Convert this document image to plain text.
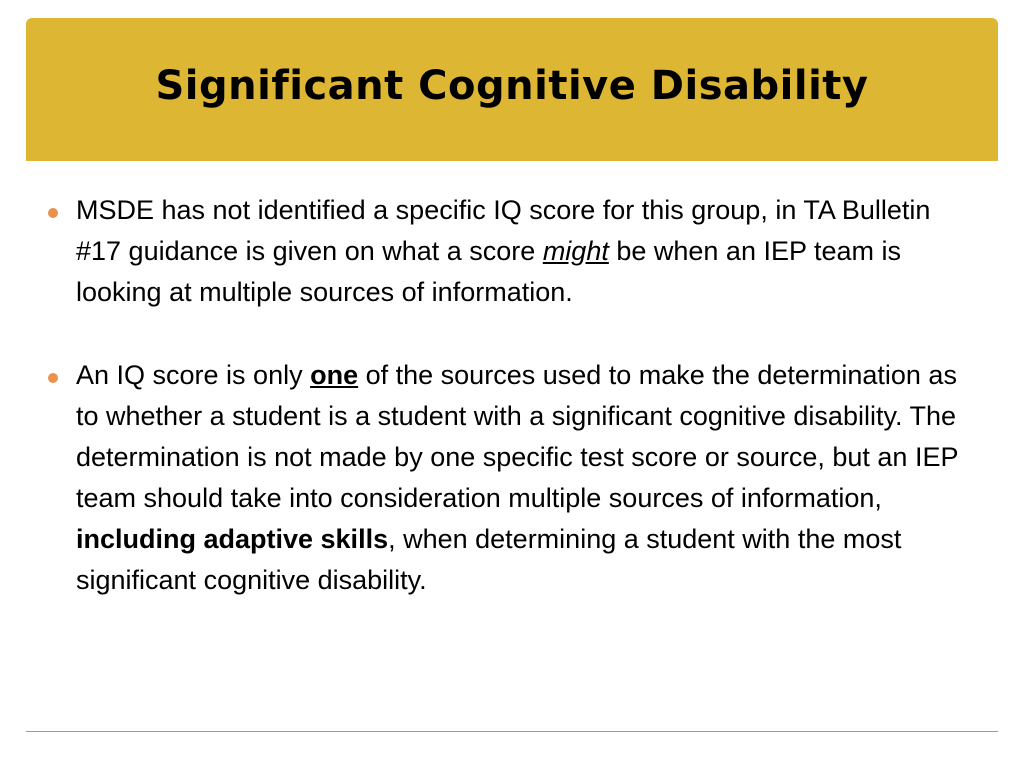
Significant Cognitive Disability
MSDE has not identified a specific IQ score for this group, in TA Bulletin #17 guidance is given on what a score might be when an IEP team is looking at multiple sources of information.
An IQ score is only one of the sources used to make the determination as to whether a student is a student with a significant cognitive disability. The determination is not made by one specific test score or source, but an IEP team should take into consideration multiple sources of information, including adaptive skills, when determining a student with the most significant cognitive disability.
